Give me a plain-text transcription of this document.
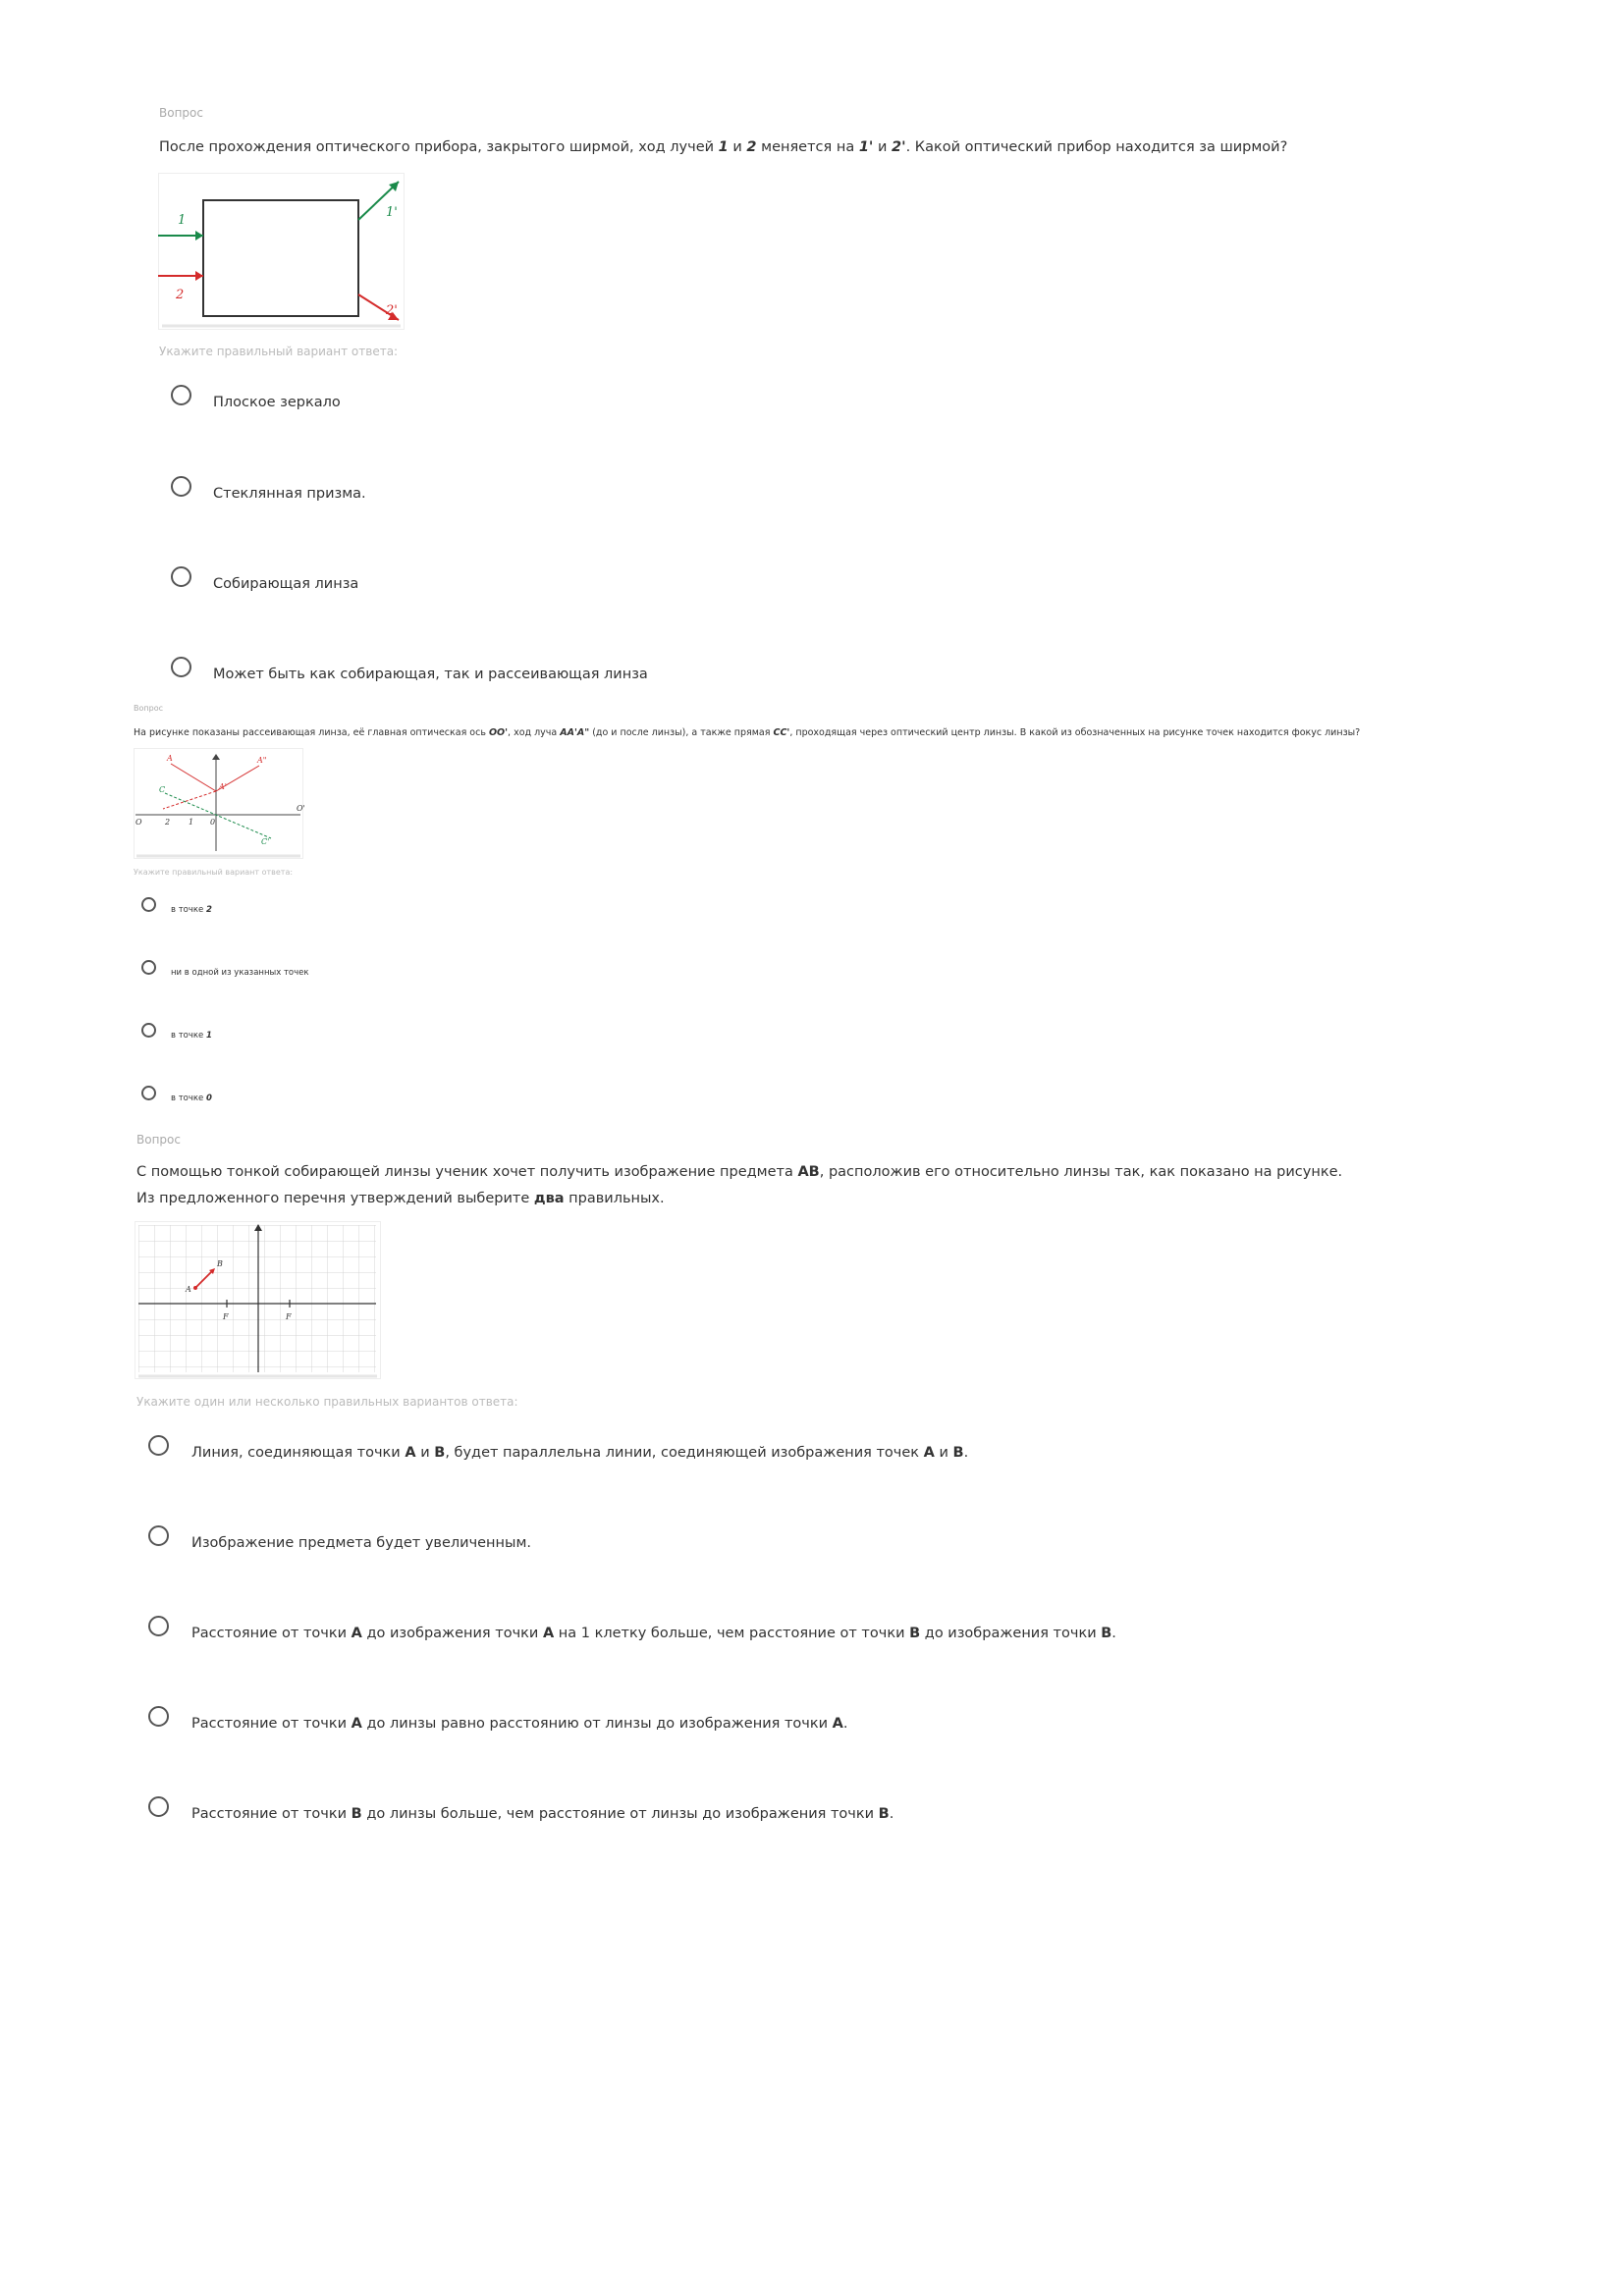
Вопрос
После прохождения оптического прибора, закрытого ширмой, ход лучей 1 и 2 меняется на 1' и 2'. Какой оптический прибор находится за ширмой?
1
2
1'
2'
Укажите правильный вариант ответа:
Плоское зеркало
Стеклянная призма.
Собирающая линза
Может быть как собирающая, так и рассеивающая линза
Вопрос
На рисунке показаны рассеивающая линза, её главная оптическая ось OO', ход луча AA'A" (до и после линзы), а также прямая CC', проходящая через оптический центр линзы. В какой из обозначенных на рисунке точек находится фокус линзы?
A
A'
A"
C
C'
O
O'
2 1 0
Укажите правильный вариант ответа:
в точке 2
ни в одной из указанных точек
в точке 1
в точке 0
Вопрос
С помощью тонкой собирающей линзы ученик хочет получить изображение предмета AB, расположив его относительно линзы так, как показано на рисунке.
Из предложенного перечня утверждений выберите два правильных.
A
B
F	F
Укажите один или несколько правильных вариантов ответа:
Линия, соединяющая точки A и B, будет параллельна линии, соединяющей изображения точек A и B.
Изображение предмета будет увеличенным.
Расстояние от точки A до изображения точки A на 1 клетку больше, чем расстояние от точки B до изображения точки B.
Расстояние от точки A до линзы равно расстоянию от линзы до изображения точки A.
Расстояние от точки B до линзы больше, чем расстояние от линзы до изображения точки B.
